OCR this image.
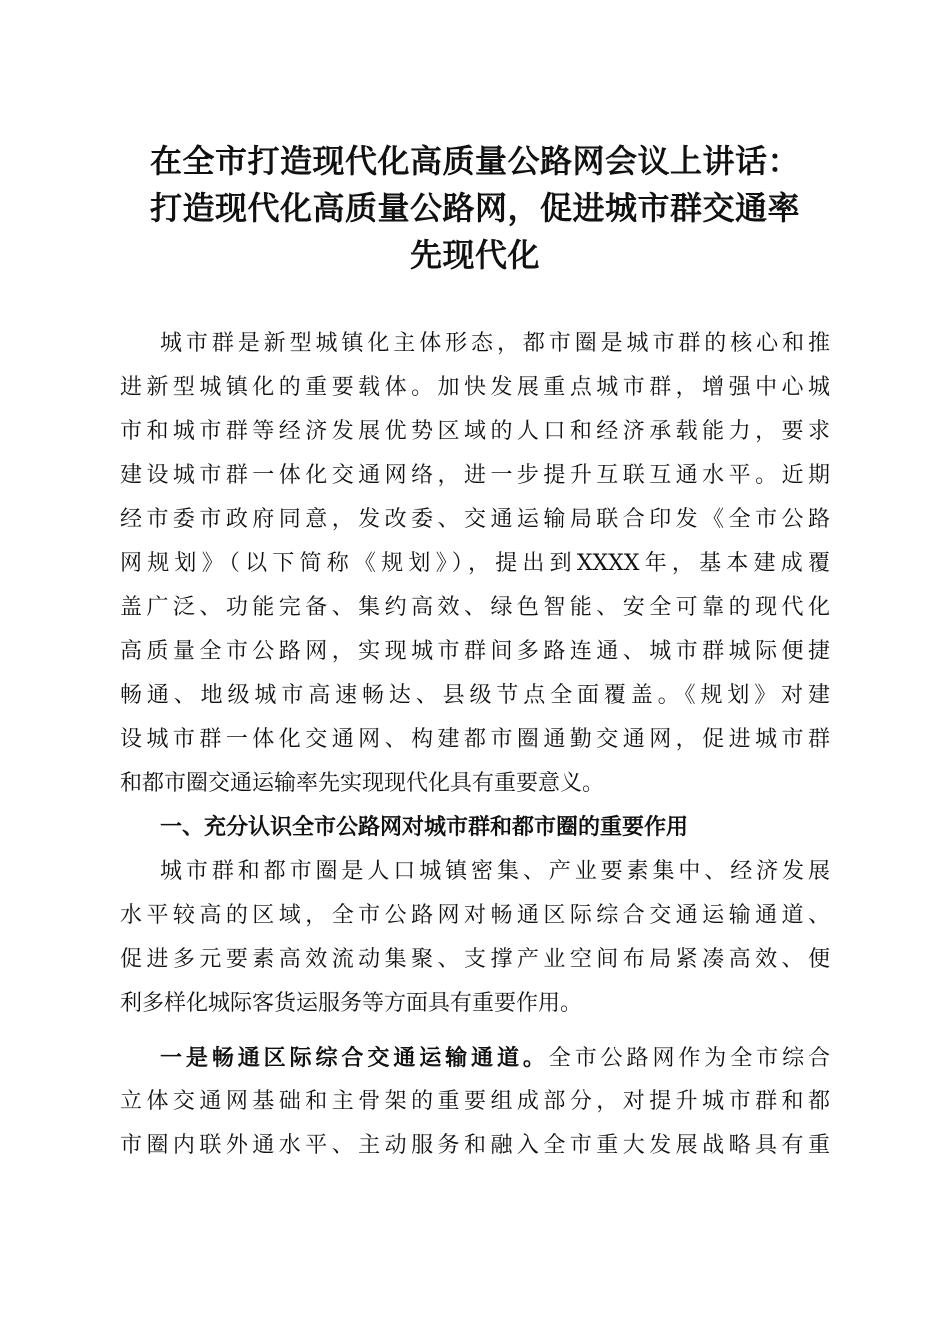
在全市打造现代化高质量公路网会议上讲话：
打造现代化高质量公路网，促进城市群交通率
先现代化
城市群是新型城镇化主体形态，都市圈是城市群的核心和推
进新型城镇化的重要载体。加快发展重点城市群，增强中心城
市和城市群等经济发展优势区域的人口和经济承载能力，要求
建设城市群一体化交通网络，进一步提升互联互通水平。近期
经市委市政府同意，发改委、交通运输局联合印发《全市公路
网规划》（以下简称《规划》），提出到XXXX年，基本建成覆
盖广泛、功能完备、集约高效、绿色智能、安全可靠的现代化
高质量全市公路网，实现城市群间多路连通、城市群城际便捷
畅通、地级城市高速畅达、县级节点全面覆盖。《规划》对建
设城市群一体化交通网、构建都市圈通勤交通网，促进城市群
和都市圈交通运输率先实现现代化具有重要意义。
一、充分认识全市公路网对城市群和都市圈的重要作用
城市群和都市圈是人口城镇密集、产业要素集中、经济发展
水平较高的区域，全市公路网对畅通区际综合交通运输通道、
促进多元要素高效流动集聚、支撑产业空间布局紧凑高效、便
利多样化城际客货运服务等方面具有重要作用。
一是畅通区际综合交通运输通道。全市公路网作为全市综合
立体交通网基础和主骨架的重要组成部分，对提升城市群和都
市圈内联外通水平、主动服务和融入全市重大发展战略具有重
